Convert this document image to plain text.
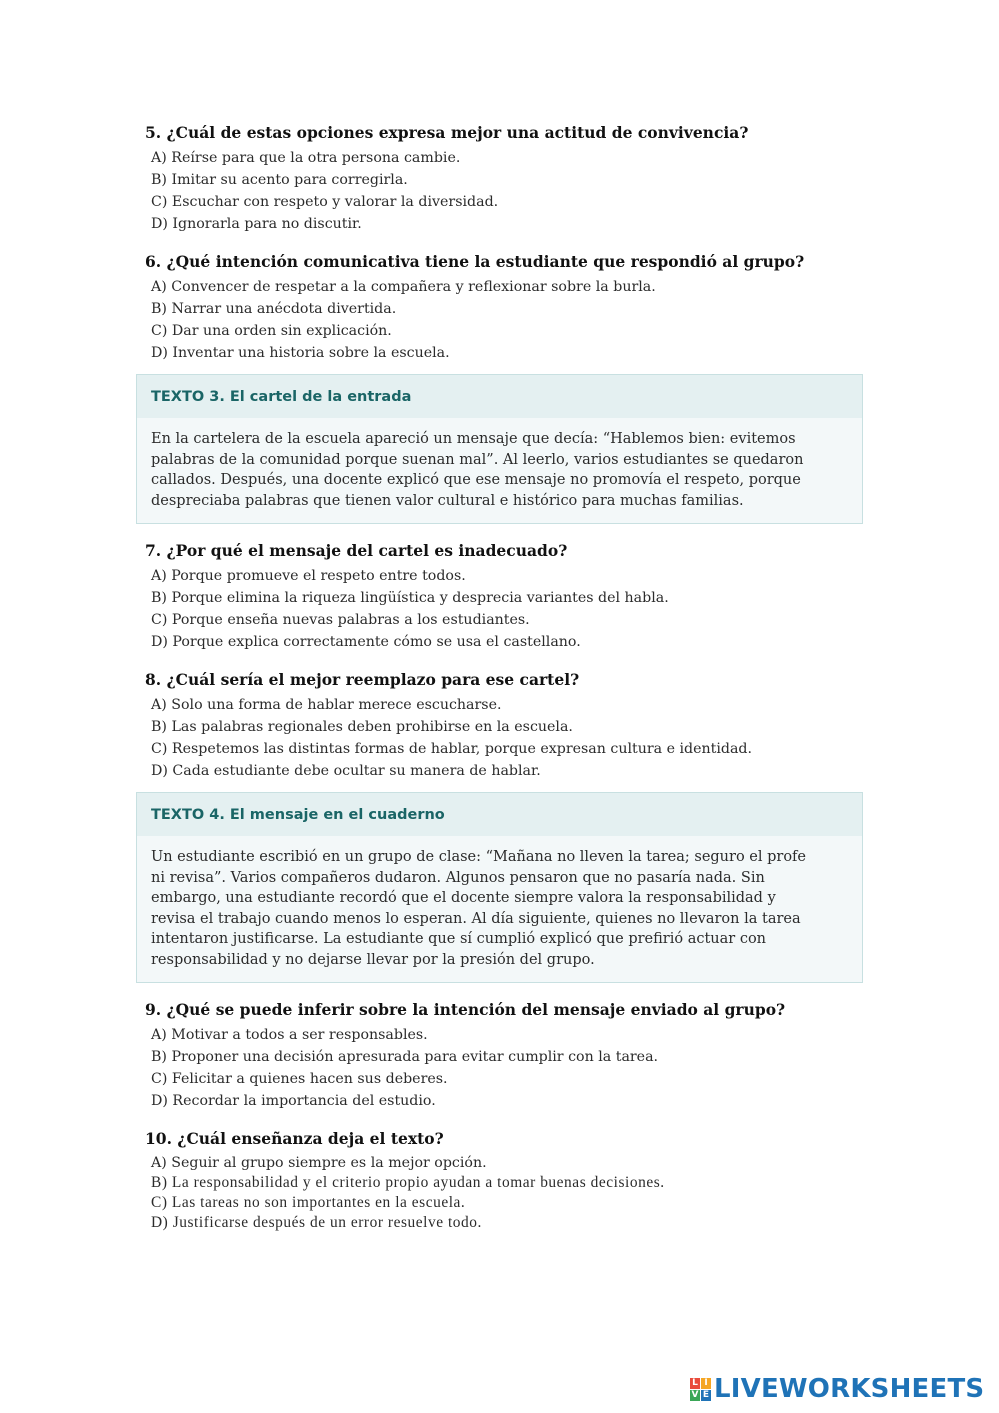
5. ¿Cuál de estas opciones expresa mejor una actitud de convivencia?

A) Reírse para que la otra persona cambie.

B) Imitar su acento para corregirla.

C) Escuchar con respeto y valorar la diversidad.

D) Ignorarla para no discutir.

6. ¿Qué intención comunicativa tiene la estudiante que respondió al grupo?

A) Convencer de respetar a la compañera y reflexionar sobre la burla.

B) Narrar una anécdota divertida.

C) Dar una orden sin explicación.

D) Inventar una historia sobre la escuela.

TEXTO 3. El cartel de la entrada

En la cartelera de la escuela apareció un mensaje que decía: “Hablemos bien: evitemos

palabras de la comunidad porque suenan mal”. Al leerlo, varios estudiantes se quedaron

callados. Después, una docente explicó que ese mensaje no promovía el respeto, porque

despreciaba palabras que tienen valor cultural e histórico para muchas familias.

7. ¿Por qué el mensaje del cartel es inadecuado?

A) Porque promueve el respeto entre todos.

B) Porque elimina la riqueza lingüística y desprecia variantes del habla.

C) Porque enseña nuevas palabras a los estudiantes.

D) Porque explica correctamente cómo se usa el castellano.

8. ¿Cuál sería el mejor reemplazo para ese cartel?

A) Solo una forma de hablar merece escucharse.

B) Las palabras regionales deben prohibirse en la escuela.

C) Respetemos las distintas formas de hablar, porque expresan cultura e identidad.

D) Cada estudiante debe ocultar su manera de hablar.

TEXTO 4. El mensaje en el cuaderno

Un estudiante escribió en un grupo de clase: “Mañana no lleven la tarea; seguro el profe

ni revisa”. Varios compañeros dudaron. Algunos pensaron que no pasaría nada. Sin

embargo, una estudiante recordó que el docente siempre valora la responsabilidad y

revisa el trabajo cuando menos lo esperan. Al día siguiente, quienes no llevaron la tarea

intentaron justificarse. La estudiante que sí cumplió explicó que prefirió actuar con

responsabilidad y no dejarse llevar por la presión del grupo.

9. ¿Qué se puede inferir sobre la intención del mensaje enviado al grupo?

A) Motivar a todos a ser responsables.

B) Proponer una decisión apresurada para evitar cumplir con la tarea.

C) Felicitar a quienes hacen sus deberes.

D) Recordar la importancia del estudio.

10. ¿Cuál enseñanza deja el texto?

A) Seguir al grupo siempre es la mejor opción.

B) La responsabilidad y el criterio propio ayudan a tomar buenas decisiones.

C) Las tareas no son importantes en la escuela.

D) Justificarse después de un error resuelve todo.

L I
V E LIVEWORKSHEETS
